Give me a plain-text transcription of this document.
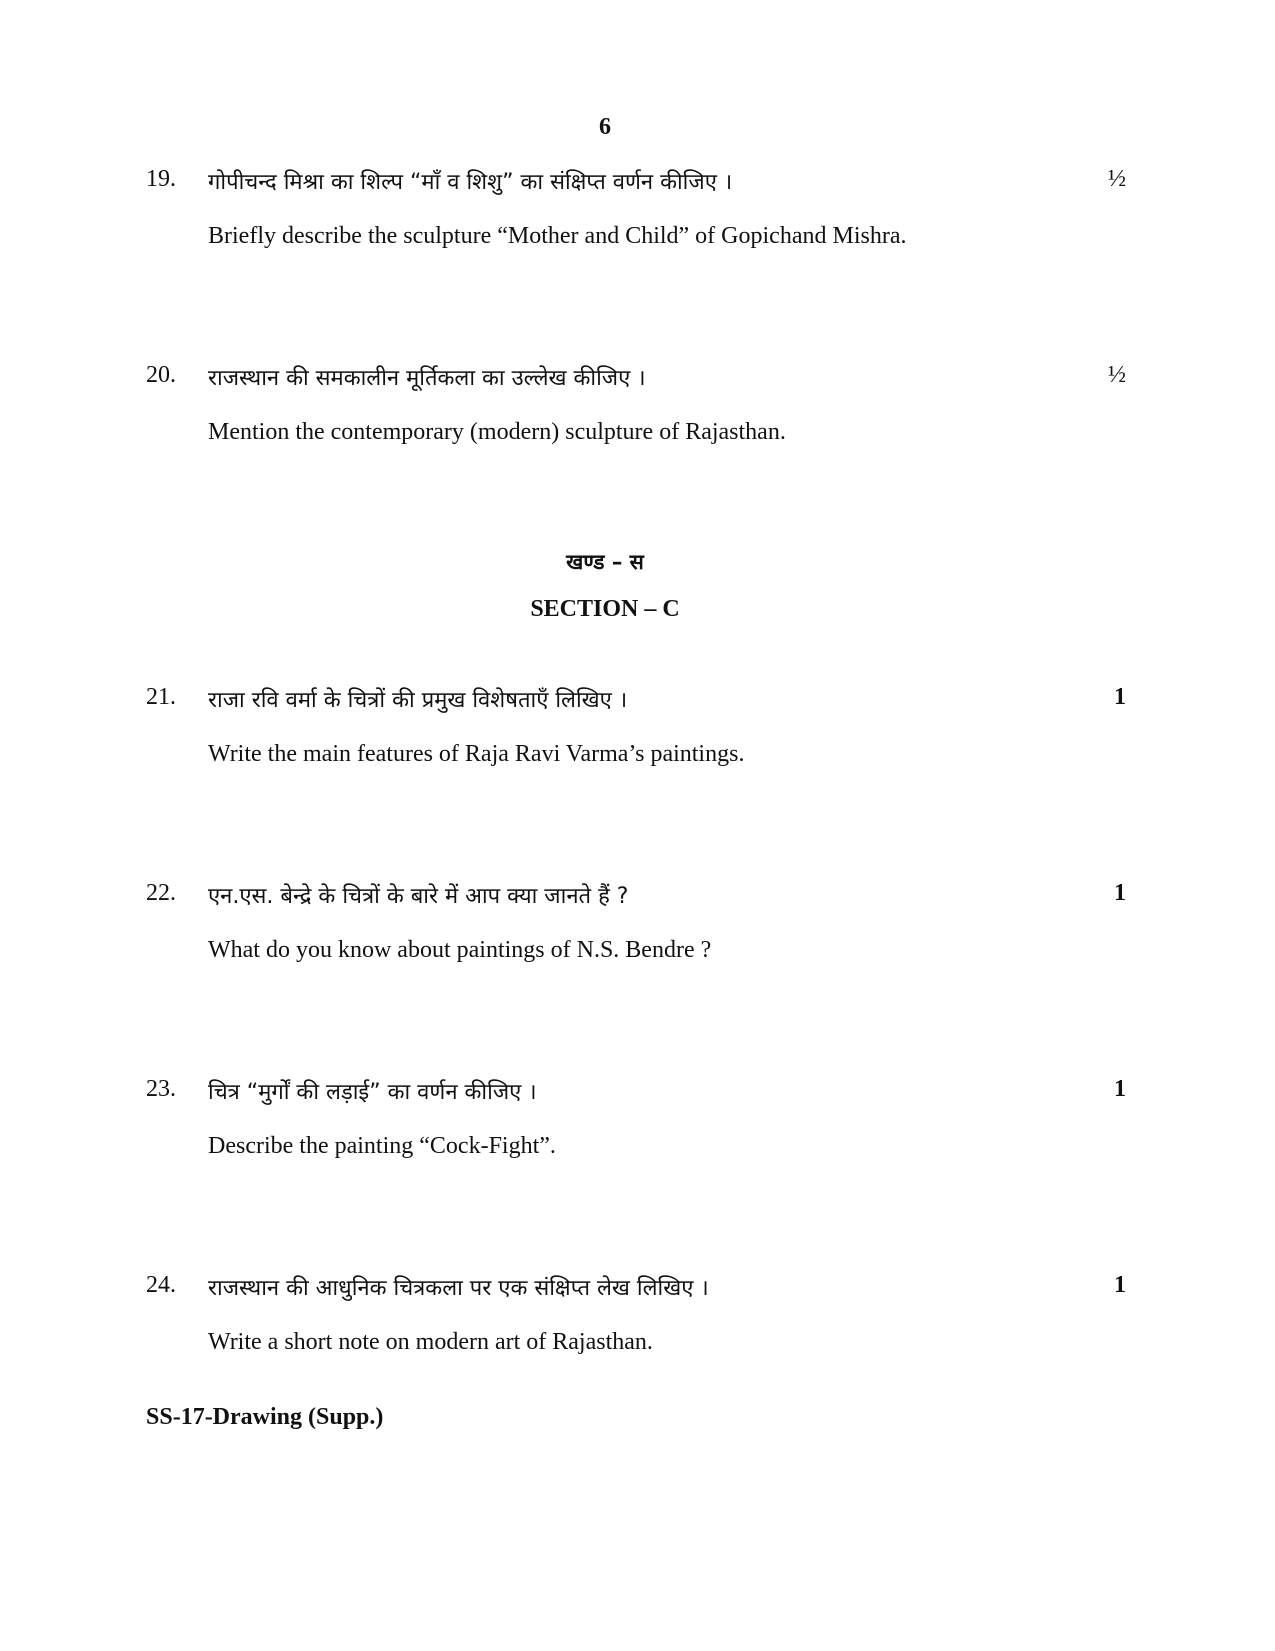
6
19. गोपीचन्द मिश्रा का शिल्प “माँ व शिशु” का संक्षिप्त वर्णन कीजिए ।	½
Briefly describe the sculpture “Mother and Child” of Gopichand Mishra.
20. राजस्थान की समकालीन मूर्तिकला का उल्लेख कीजिए ।	½
Mention the contemporary (modern) sculpture of Rajasthan.
खण्ड – स
SECTION – C
21. राजा रवि वर्मा के चित्रों की प्रमुख विशेषताएँ लिखिए ।	1
Write the main features of Raja Ravi Varma’s paintings.
22. एन.एस. बेन्द्रे के चित्रों के बारे में आप क्या जानते हैं ?	1
What do you know about paintings of N.S. Bendre ?
23. चित्र “मुर्गों की लड़ाई” का वर्णन कीजिए ।	1
Describe the painting “Cock-Fight”.
24. राजस्थान की आधुनिक चित्रकला पर एक संक्षिप्त लेख लिखिए ।	1
Write a short note on modern art of Rajasthan.
SS-17-Drawing (Supp.)
